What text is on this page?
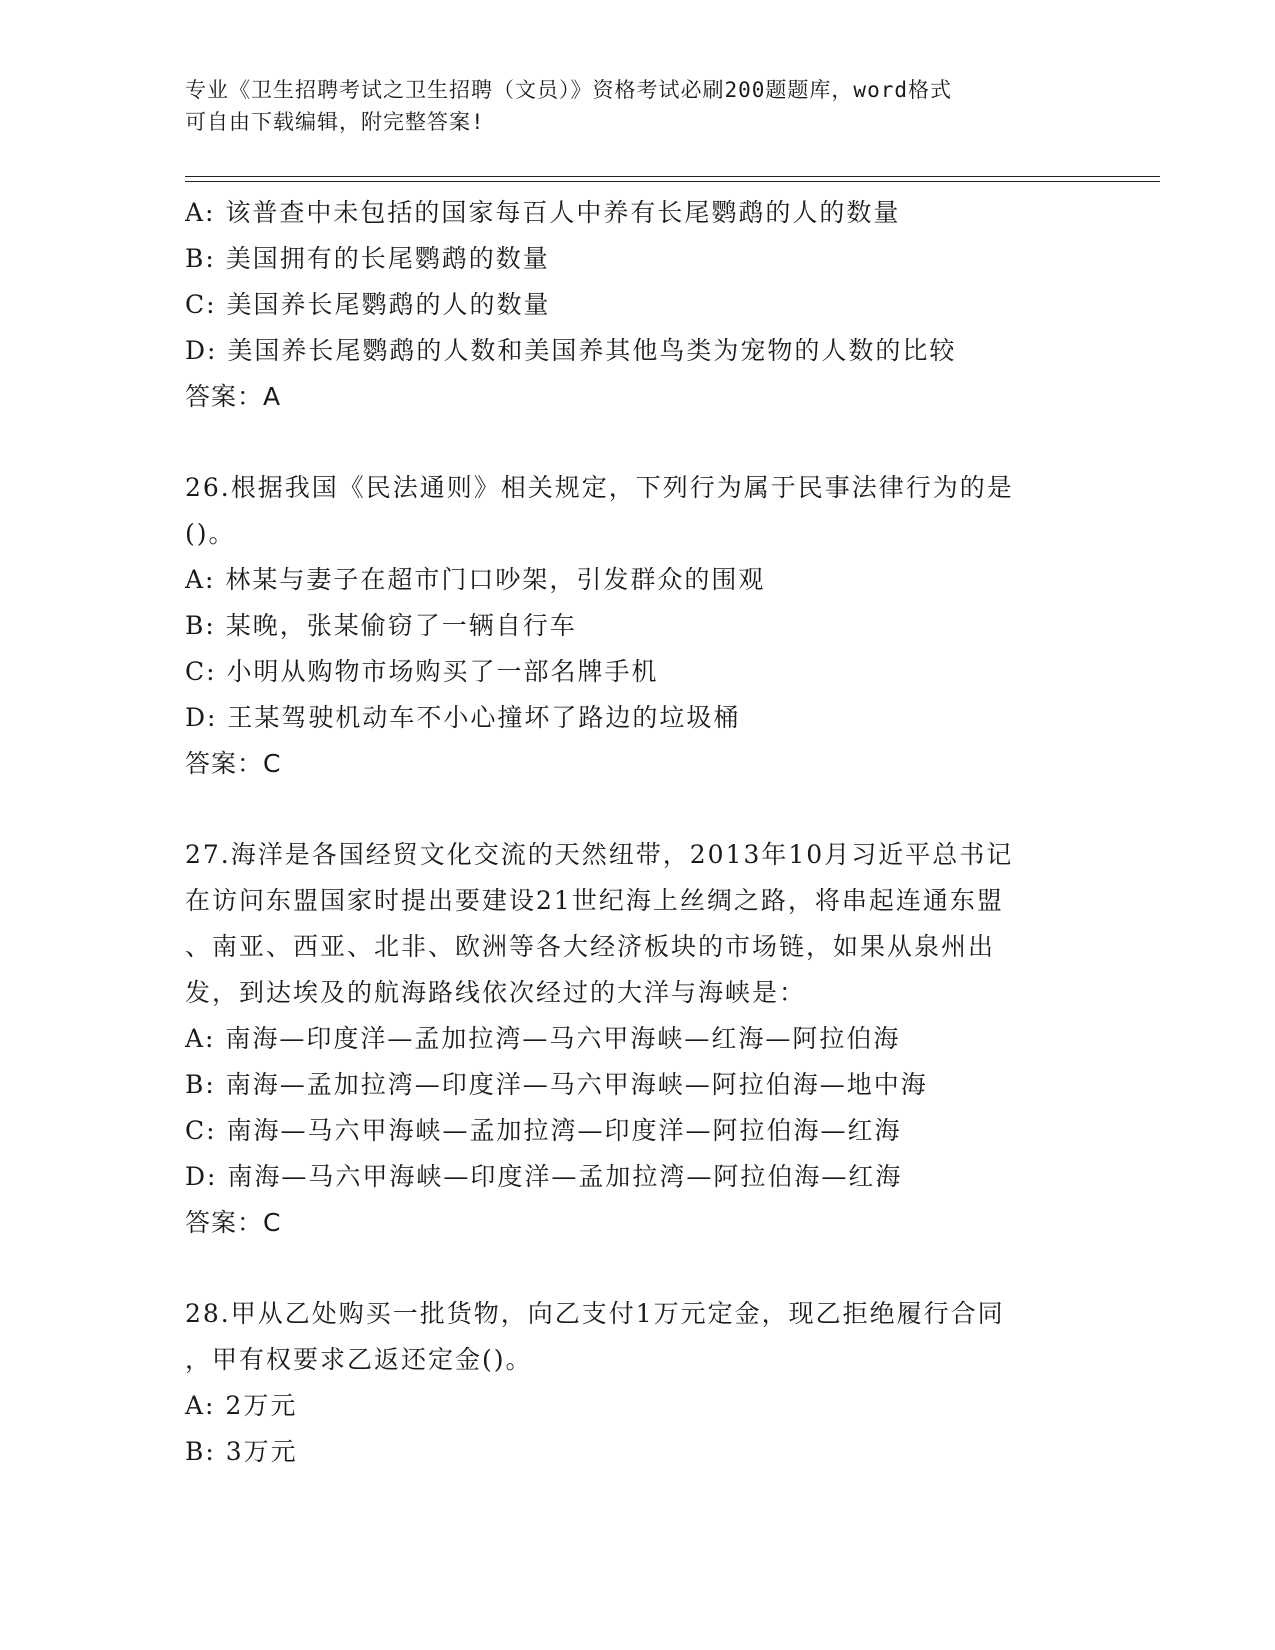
专业《卫生招聘考试之卫生招聘（文员）》资格考试必刷200题题库，word格式
可自由下载编辑，附完整答案!
A: 该普查中未包括的国家每百人中养有长尾鹦鹉的人的数量
B: 美国拥有的长尾鹦鹉的数量
C: 美国养长尾鹦鹉的人的数量
D: 美国养长尾鹦鹉的人数和美国养其他鸟类为宠物的人数的比较
答案：A
26.根据我国《民法通则》相关规定，下列行为属于民事法律行为的是
()。
A: 林某与妻子在超市门口吵架，引发群众的围观
B: 某晚，张某偷窃了一辆自行车
C: 小明从购物市场购买了一部名牌手机
D: 王某驾驶机动车不小心撞坏了路边的垃圾桶
答案：C
27.海洋是各国经贸文化交流的天然纽带，2013年10月习近平总书记
在访问东盟国家时提出要建设21世纪海上丝绸之路，将串起连通东盟
、南亚、西亚、北非、欧洲等各大经济板块的市场链，如果从泉州出
发，到达埃及的航海路线依次经过的大洋与海峡是：
A: 南海—印度洋—孟加拉湾—马六甲海峡—红海—阿拉伯海
B: 南海—孟加拉湾—印度洋—马六甲海峡—阿拉伯海—地中海
C: 南海—马六甲海峡—孟加拉湾—印度洋—阿拉伯海—红海
D: 南海—马六甲海峡—印度洋—孟加拉湾—阿拉伯海—红海
答案：C
28.甲从乙处购买一批货物，向乙支付1万元定金，现乙拒绝履行合同
，甲有权要求乙返还定金()。
A: 2万元
B: 3万元
